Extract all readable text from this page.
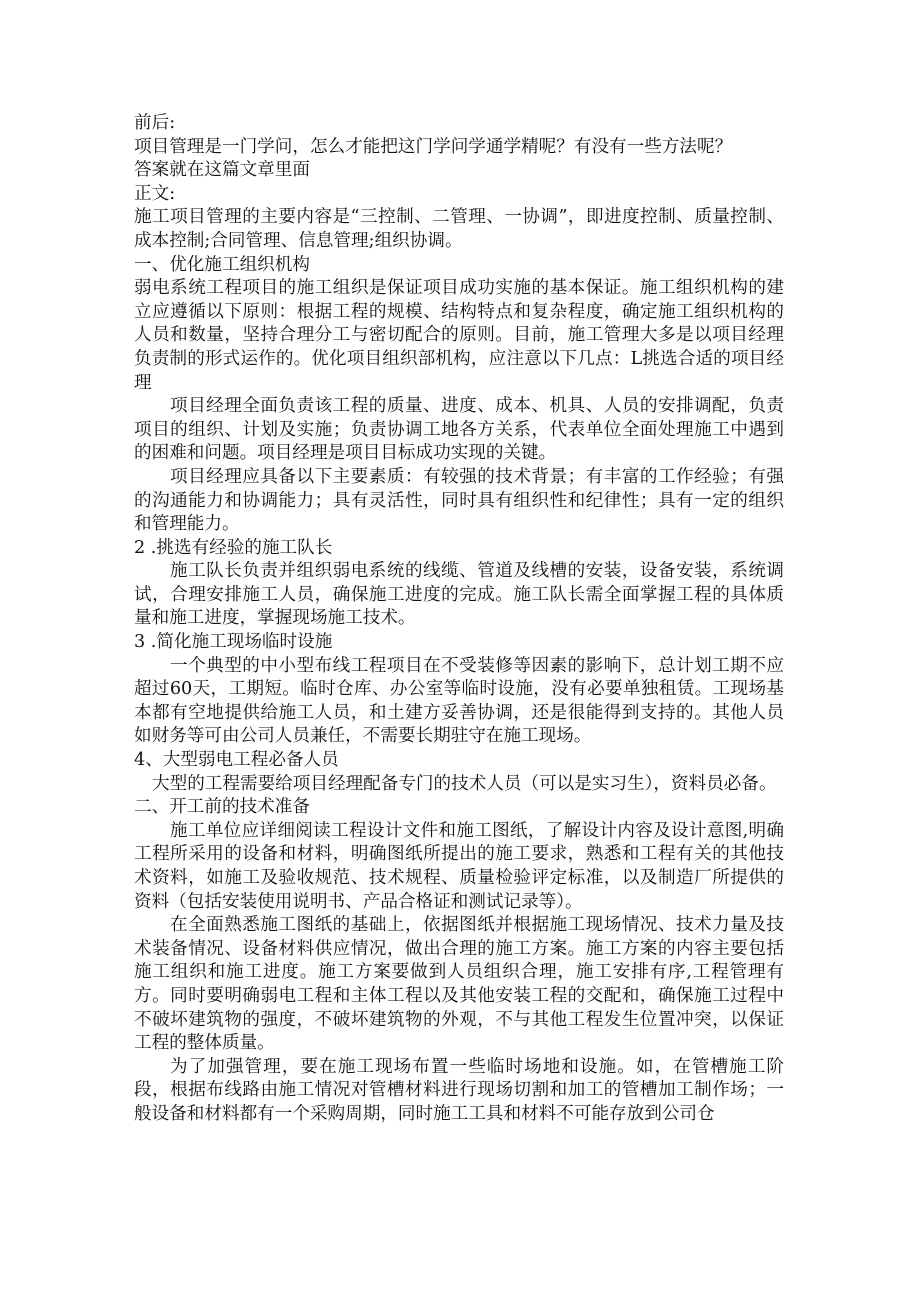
前后:

项目管理是一门学问，怎么才能把这门学问学通学精呢？有没有一些方法呢？

答案就在这篇文章里面

正文:

施工项目管理的主要内容是“三控制、二管理、一协调”，即进度控制、质量控制、成本控制;合同管理、信息管理;组织协调。

一、优化施工组织机构

弱电系统工程项目的施工组织是保证项目成功实施的基本保证。施工组织机构的建立应遵循以下原则：根据工程的规模、结构特点和复杂程度，确定施工组织机构的人员和数量，坚持合理分工与密切配合的原则。目前，施工管理大多是以项目经理负责制的形式运作的。优化项目组织部机构，应注意以下几点：L挑选合适的项目经理

项目经理全面负责该工程的质量、进度、成本、机具、人员的安排调配，负责项目的组织、计划及实施；负责协调工地各方关系，代表单位全面处理施工中遇到的困难和问题。项目经理是项目目标成功实现的关键。

项目经理应具备以下主要素质：有较强的技术背景；有丰富的工作经验；有强的沟通能力和协调能力；具有灵活性，同时具有组织性和纪律性；具有一定的组织和管理能力。

2 .挑选有经验的施工队长

施工队长负责并组织弱电系统的线缆、管道及线槽的安装，设备安装，系统调试，合理安排施工人员，确保施工进度的完成。施工队长需全面掌握工程的具体质量和施工进度，掌握现场施工技术。

3 .简化施工现场临时设施

一个典型的中小型布线工程项目在不受装修等因素的影响下，总计划工期不应超过60天，工期短。临时仓库、办公室等临时设施，没有必要单独租赁。工现场基本都有空地提供给施工人员，和土建方妥善协调，还是很能得到支持的。其他人员如财务等可由公司人员兼任，不需要长期驻守在施工现场。

4、大型弱电工程必备人员

大型的工程需要给项目经理配备专门的技术人员（可以是实习生），资料员必备。

二、开工前的技术准备

施工单位应详细阅读工程设计文件和施工图纸，了解设计内容及设计意图,明确工程所采用的设备和材料，明确图纸所提出的施工要求，熟悉和工程有关的其他技术资料，如施工及验收规范、技术规程、质量检验评定标准，以及制造厂所提供的资料（包括安装使用说明书、产品合格证和测试记录等）。

在全面熟悉施工图纸的基础上，依据图纸并根据施工现场情况、技术力量及技术装备情况、设备材料供应情况，做出合理的施工方案。施工方案的内容主要包括施工组织和施工进度。施工方案要做到人员组织合理，施工安排有序,工程管理有方。同时要明确弱电工程和主体工程以及其他安装工程的交配和，确保施工过程中不破坏建筑物的强度，不破坏建筑物的外观，不与其他工程发生位置冲突，以保证工程的整体质量。

为了加强管理，要在施工现场布置一些临时场地和设施。如，在管槽施工阶段，根据布线路由施工情况对管槽材料进行现场切割和加工的管槽加工制作场；一般设备和材料都有一个采购周期，同时施工工具和材料不可能存放到公司仓
